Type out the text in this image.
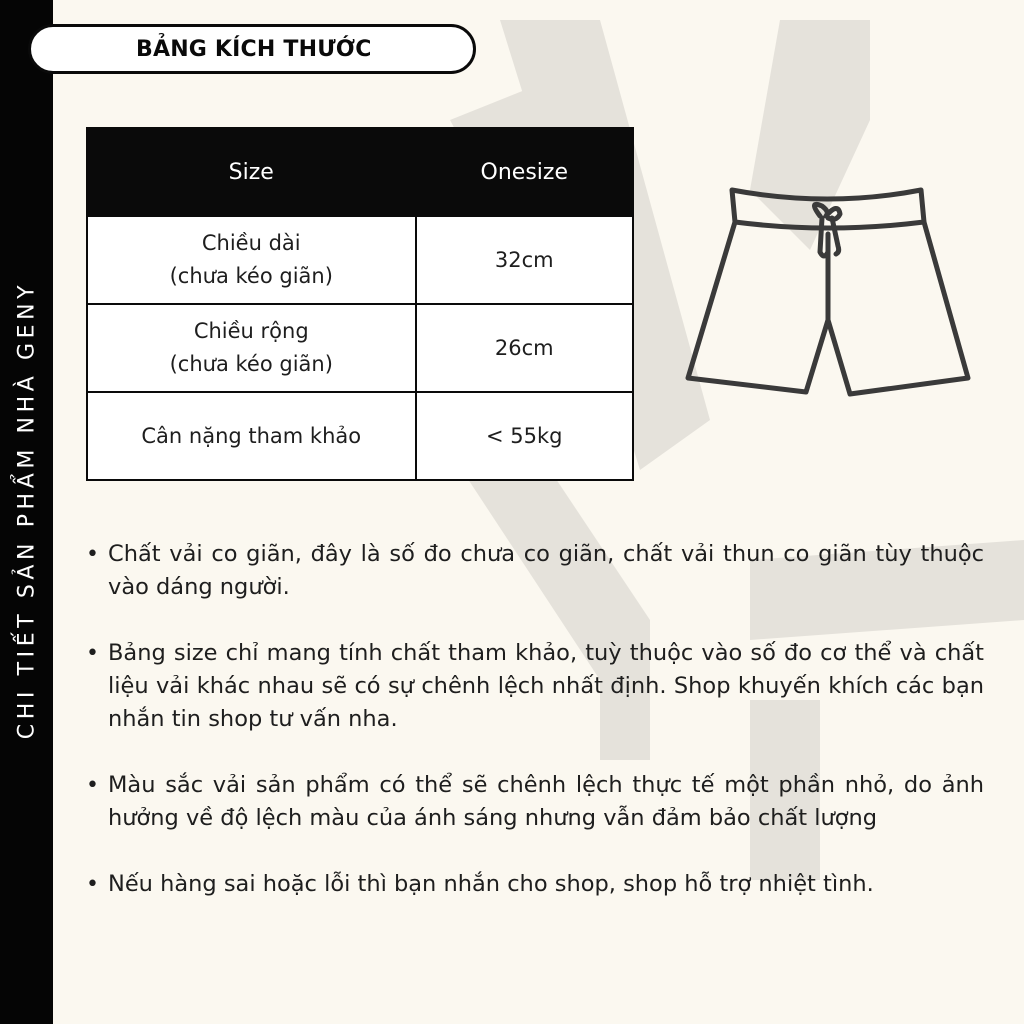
CHI TIẾT SẢN PHẨM NHÀ GENY
BẢNG KÍCH THƯỚC
Size	Onesize

Chiều dài
(chưa kéo giãn)	32cm

Chiều rộng
(chưa kéo giãn)	26cm
Cân nặng tham khảo	< 55kg
• Chất vải co giãn, đây là số đo chưa co giãn, chất vải thun co giãn tùy thuộc vào dáng người.
• Bảng size chỉ mang tính chất tham khảo, tuỳ thuộc vào số đo cơ thể và chất liệu vải khác nhau sẽ có sự chênh lệch nhất định. Shop khuyến khích các bạn nhắn tin shop tư vấn nha.
• Màu sắc vải sản phẩm có thể sẽ chênh lệch thực tế một phần nhỏ, do ảnh hưởng về độ lệch màu của ánh sáng nhưng vẫn đảm bảo chất lượng
• Nếu hàng sai hoặc lỗi thì bạn nhắn cho shop, shop hỗ trợ nhiệt tình.
